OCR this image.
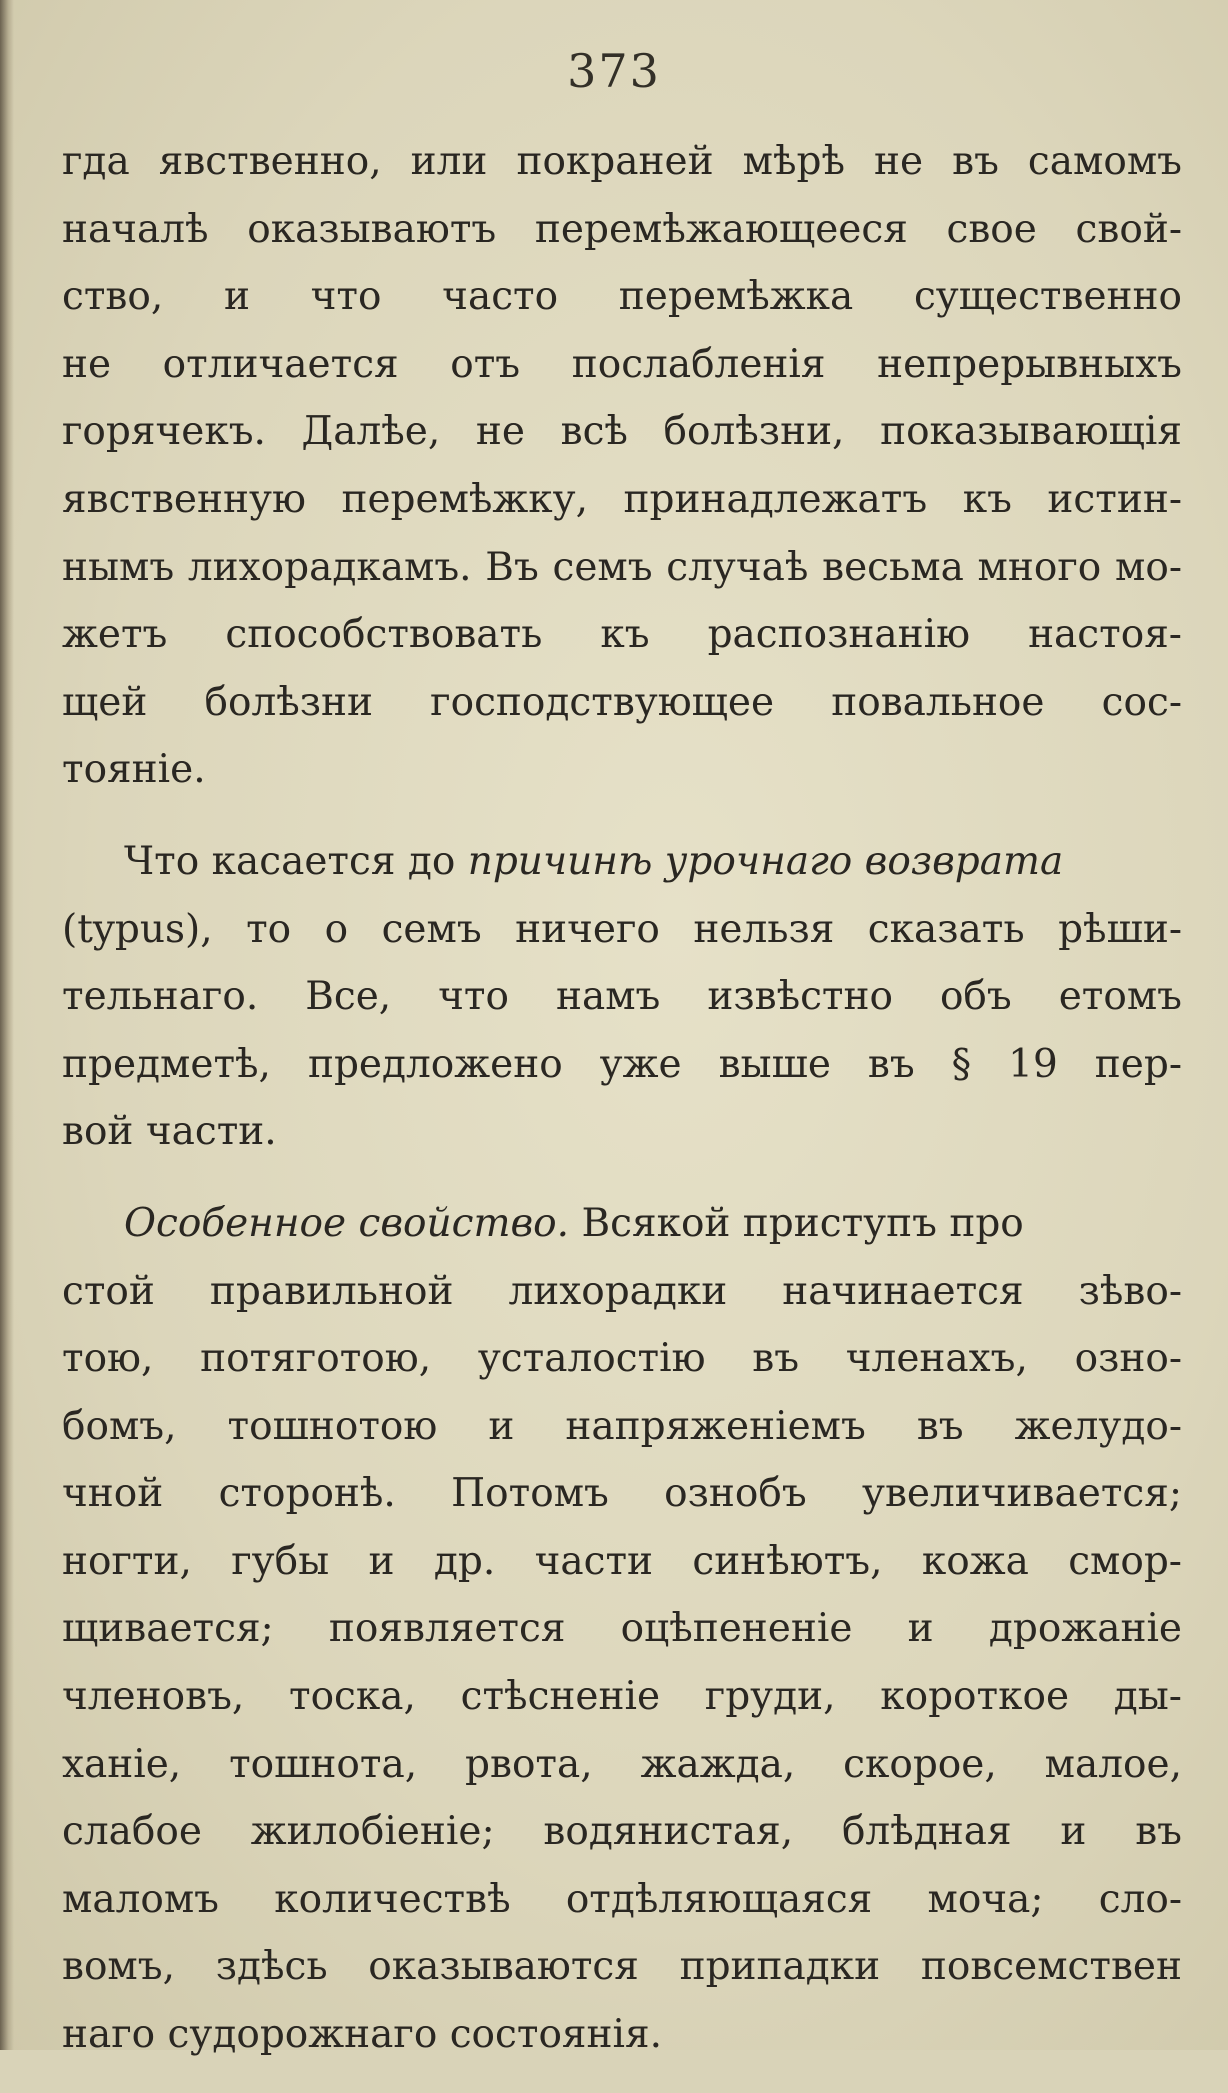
373
гда явственно, или покраней мѣрѣ не въ самомъ
началѣ оказываютъ перемѣжающееся свое свой-
ство, и что часто перемѣжка существенно
не отличается отъ послабленія непрерывныхъ
горячекъ. Далѣе, не всѣ болѣзни, показывающія
явственную перемѣжку, принадлежатъ къ истин-
нымъ лихорадкамъ. Въ семъ случаѣ весьма много мо-
жетъ способствовать къ распознанію настоя-
щей болѣзни господствующее повальное сос-
тояніе.
Что касается до причинѣ урочнаго возврата
(typus), то о семъ ничего нельзя сказать рѣши-
тельнаго. Все, что намъ извѣстно объ етомъ
предметѣ, предложено уже выше въ § 19 пер-
вой части.
Особенное свойство. Всякой приступъ про
стой правильной лихорадки начинается зѣво-
тою, потяготою, усталостію въ членахъ, озно-
бомъ, тошнотою и напряженіемъ въ желудо-
чной сторонѣ. Потомъ ознобъ увеличивается;
ногти, губы и др. части синѣютъ, кожа смор-
щивается; появляется оцѣпененіе и дрожаніе
членовъ, тоска, стѣсненіе груди, короткое ды-
ханіе, тошнота, рвота, жажда, скорое, малое,
слабое жилобіеніе; водянистая, блѣдная и въ
маломъ количествѣ отдѣляющаяся моча; сло-
вомъ, здѣсь оказываются припадки повсемствен
наго судорожнаго состоянія.
